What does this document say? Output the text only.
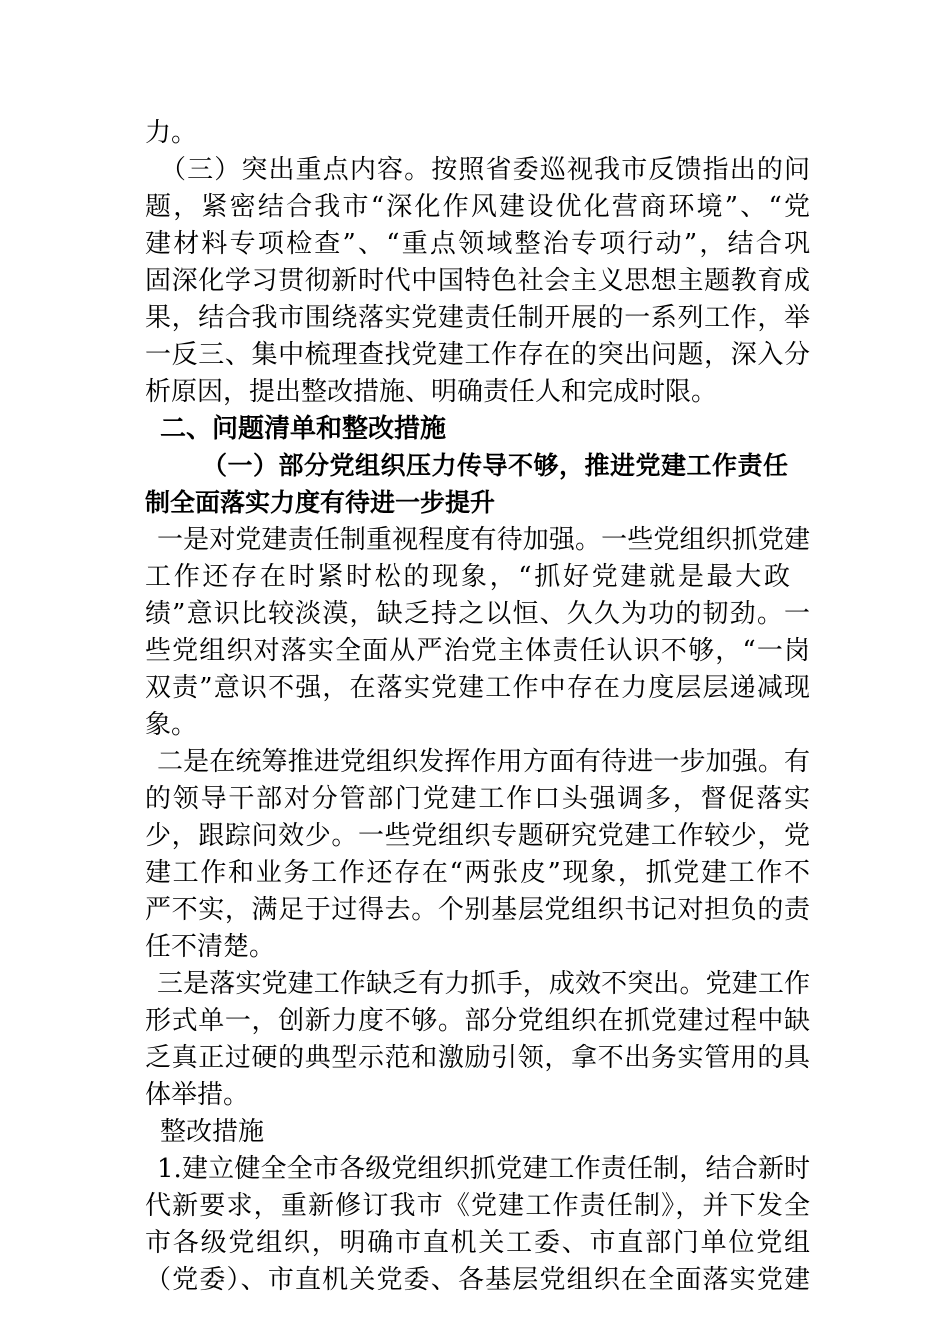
力。
（三）突出重点内容。按照省委巡视我市反馈指出的问
题，紧密结合我市“深化作风建设优化营商环境”、“党
建材料专项检查”、“重点领域整治专项行动”，结合巩
固深化学习贯彻新时代中国特色社会主义思想主题教育成
果，结合我市围绕落实党建责任制开展的一系列工作，举
一反三、集中梳理查找党建工作存在的突出问题，深入分
析原因，提出整改措施、明确责任人和完成时限。
二、问题清单和整改措施
（一）部分党组织压力传导不够，推进党建工作责任
制全面落实力度有待进一步提升
一是对党建责任制重视程度有待加强。一些党组织抓党建
工作还存在时紧时松的现象，“抓好党建就是最大政
绩”意识比较淡漠，缺乏持之以恒、久久为功的韧劲。一
些党组织对落实全面从严治党主体责任认识不够，“一岗
双责”意识不强，在落实党建工作中存在力度层层递减现
象。
二是在统筹推进党组织发挥作用方面有待进一步加强。有
的领导干部对分管部门党建工作口头强调多，督促落实
少，跟踪问效少。一些党组织专题研究党建工作较少，党
建工作和业务工作还存在“两张皮”现象，抓党建工作不
严不实，满足于过得去。个别基层党组织书记对担负的责
任不清楚。
三是落实党建工作缺乏有力抓手，成效不突出。党建工作
形式单一，创新力度不够。部分党组织在抓党建过程中缺
乏真正过硬的典型示范和激励引领，拿不出务实管用的具
体举措。
整改措施
1.建立健全全市各级党组织抓党建工作责任制，结合新时
代新要求，重新修订我市《党建工作责任制》，并下发全
市各级党组织，明确市直机关工委、市直部门单位党组
（党委）、市直机关党委、各基层党组织在全面落实党建
